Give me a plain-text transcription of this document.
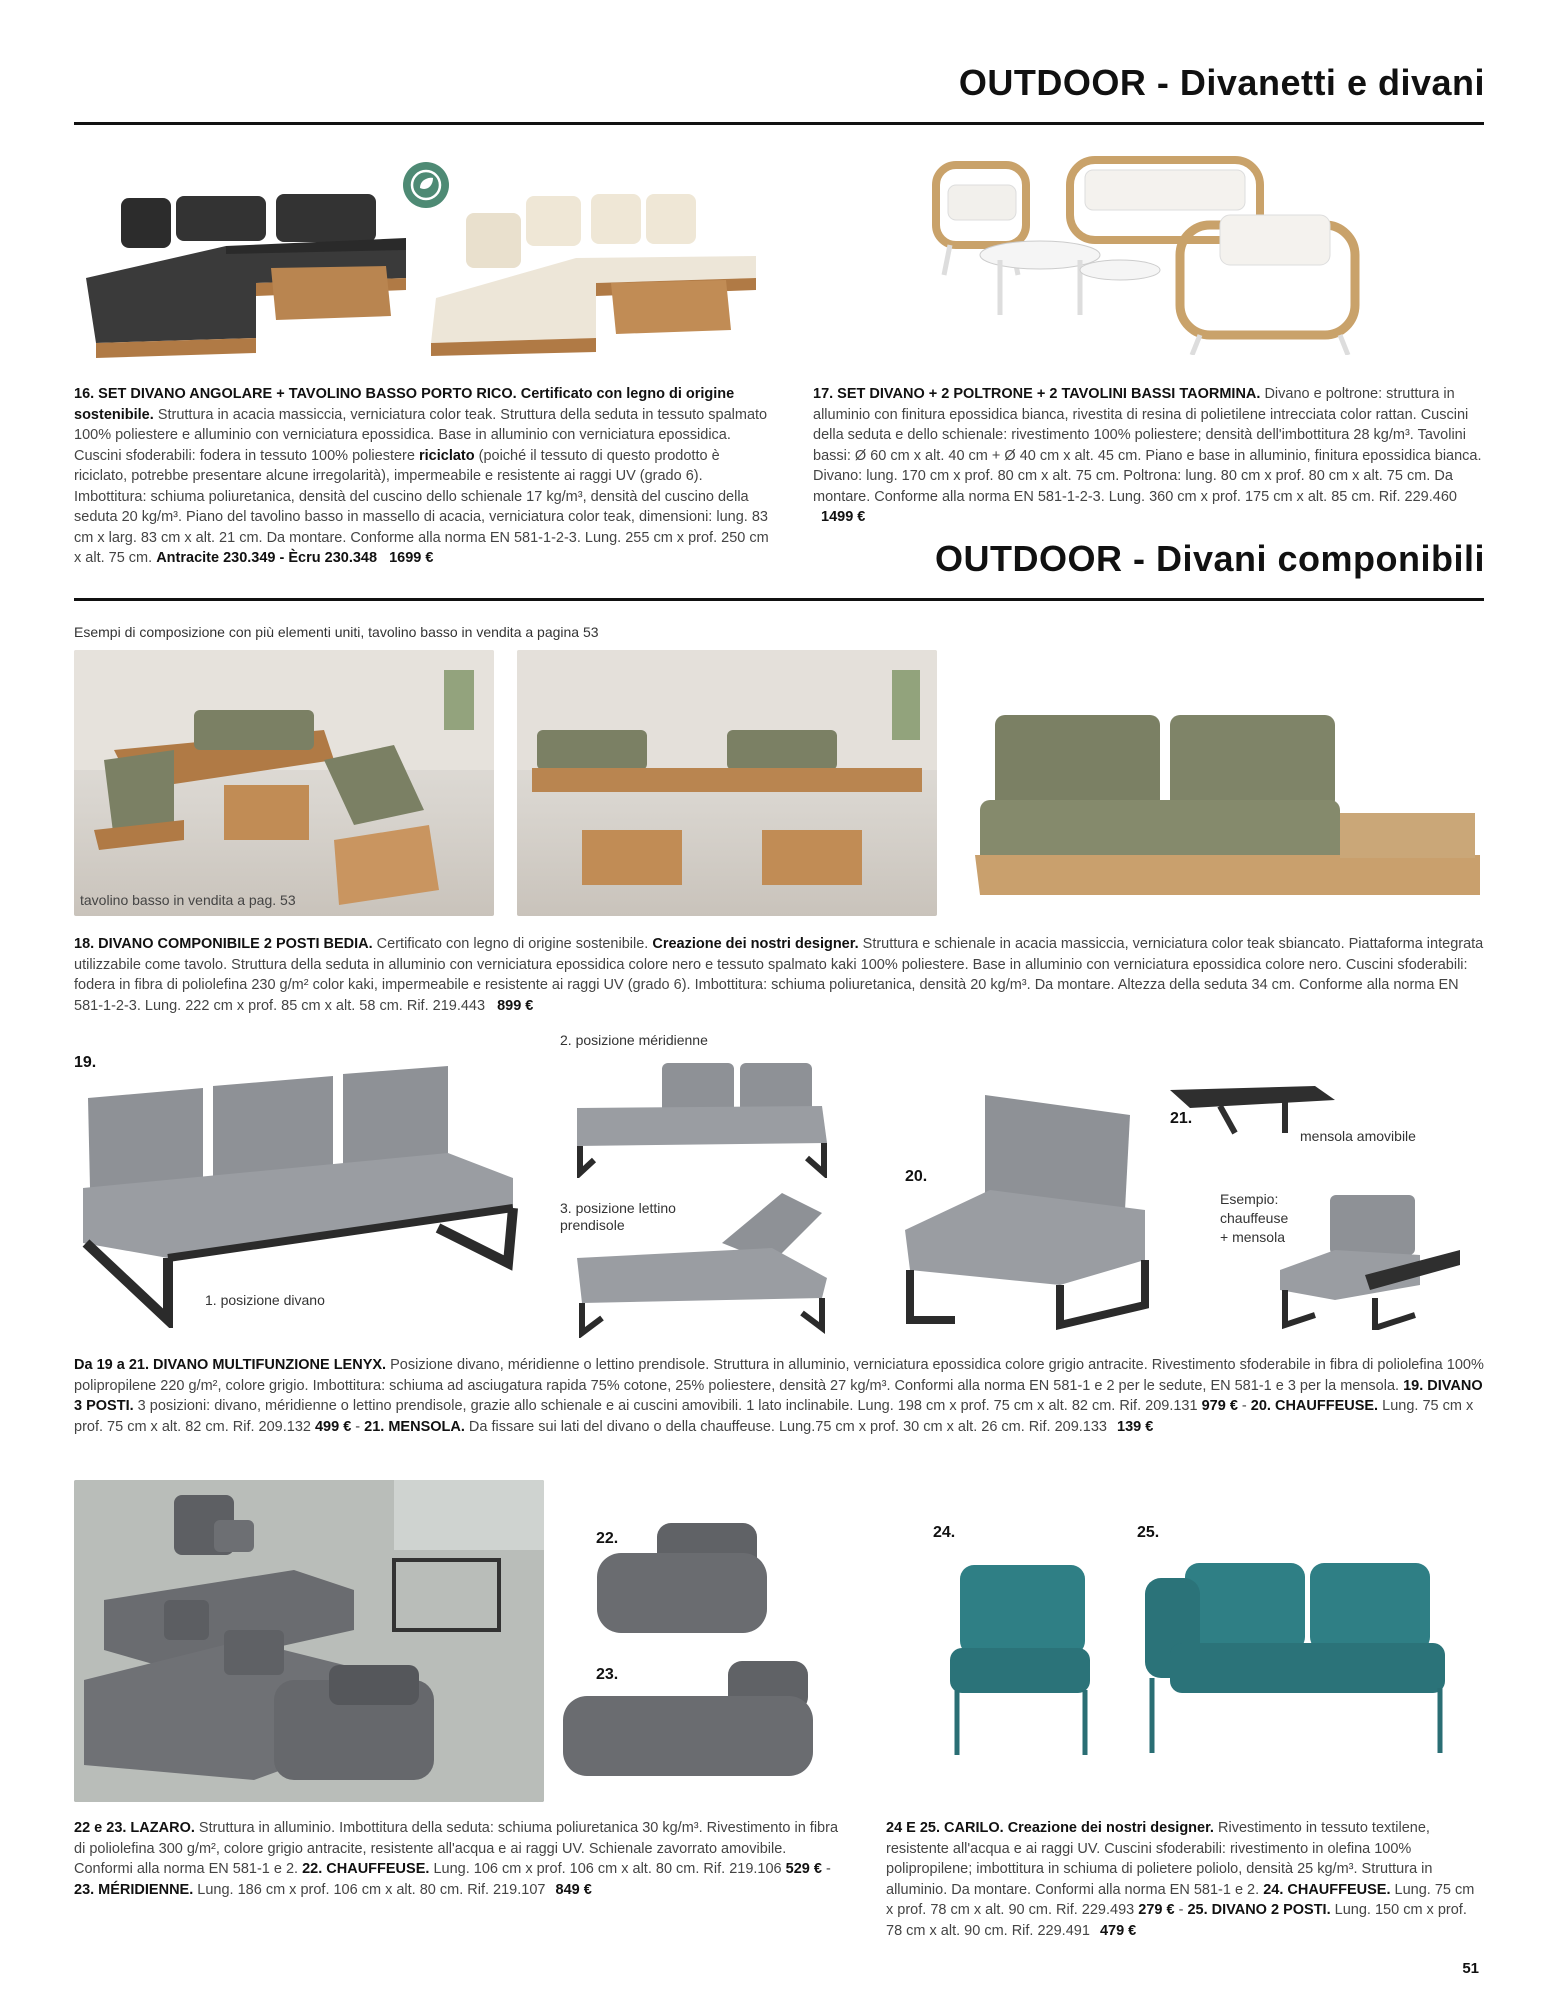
OUTDOOR - Divanetti e divani
16. SET DIVANO ANGOLARE + TAVOLINO BASSO PORTO RICO. Certificato con legno di origine sostenibile. Struttura in acacia massiccia, verniciatura color teak. Struttura della seduta in tessuto spalmato 100% poliestere e alluminio con verniciatura epossidica. Base in alluminio con verniciatura epossidica. Cuscini sfoderabili: fodera in tessuto 100% poliestere riciclato (poiché il tessuto di questo prodotto è riciclato, potrebbe presentare alcune irregolarità), impermeabile e resistente ai raggi UV (grado 6). Imbottitura: schiuma poliuretanica, densità del cuscino dello schienale 17 kg/m³, densità del cuscino della seduta 20 kg/m³. Piano del tavolino basso in massello di acacia, verniciatura color teak, dimensioni: lung. 83 cm x larg. 83 cm x alt. 21 cm. Da montare. Conforme alla norma EN 581-1-2-3. Lung. 255 cm x prof. 250 cm x alt. 75 cm. Antracite 230.349 - Ècru 230.348 1699 €
17. SET DIVANO + 2 POLTRONE + 2 TAVOLINI BASSI TAORMINA. Divano e poltrone: struttura in alluminio con finitura epossidica bianca, rivestita di resina di polietilene intrecciata color rattan. Cuscini della seduta e dello schienale: rivestimento 100% poliestere; densità dell'imbottitura 28 kg/m³. Tavolini bassi: Ø 60 cm x alt. 40 cm + Ø 40 cm x alt. 45 cm. Piano e base in alluminio, finitura epossidica bianca. Divano: lung. 170 cm x prof. 80 cm x alt. 75 cm. Poltrona: lung. 80 cm x prof. 80 cm x alt. 75 cm. Da montare. Conforme alla norma EN 581-1-2-3. Lung. 360 cm x prof. 175 cm x alt. 85 cm. Rif. 229.460 1499 €
OUTDOOR - Divani componibili
Esempi di composizione con più elementi uniti, tavolino basso in vendita a pagina 53
tavolino basso in vendita a pag. 53
18. DIVANO COMPONIBILE 2 POSTI BEDIA. Certificato con legno di origine sostenibile. Creazione dei nostri designer. Struttura e schienale in acacia massiccia, verniciatura color teak sbiancato. Piattaforma integrata utilizzabile come tavolo. Struttura della seduta in alluminio con verniciatura epossidica colore nero e tessuto spalmato kaki 100% poliestere. Base in alluminio con verniciatura epossidica colore nero. Cuscini sfoderabili: fodera in fibra di poliolefina 230 g/m² color kaki, impermeabile e resistente ai raggi UV (grado 6). Imbottitura: schiuma poliuretanica, densità 20 kg/m³. Da montare. Altezza della seduta 34 cm. Conforme alla norma EN 581-1-2-3. Lung. 222 cm x prof. 85 cm x alt. 58 cm. Rif. 219.443 899 €
19.
1. posizione divano
2. posizione méridienne
3. posizione lettino prendisole
20.
21.
mensola amovibile
Esempio: chauffeuse + mensola
Da 19 a 21. DIVANO MULTIFUNZIONE LENYX. Posizione divano, méridienne o lettino prendisole. Struttura in alluminio, verniciatura epossidica colore grigio antracite. Rivestimento sfoderabile in fibra di poliolefina 100% polipropilene 220 g/m², colore grigio. Imbottitura: schiuma ad asciugatura rapida 75% cotone, 25% poliestere, densità 27 kg/m³. Conformi alla norma EN 581-1 e 2 per le sedute, EN 581-1 e 3 per la mensola. 19. DIVANO 3 POSTI. 3 posizioni: divano, méridienne o lettino prendisole, grazie allo schienale e ai cuscini amovibili. 1 lato inclinabile. Lung. 198 cm x prof. 75 cm x alt. 82 cm. Rif. 209.131 979 € - 20. CHAUFFEUSE. Lung. 75 cm x prof. 75 cm x alt. 82 cm. Rif. 209.132 499 € - 21. MENSOLA. Da fissare sui lati del divano o della chauffeuse. Lung.75 cm x prof. 30 cm x alt. 26 cm. Rif. 209.133 139 €
22.
23.
24.	25.
22 e 23. LAZARO. Struttura in alluminio. Imbottitura della seduta: schiuma poliuretanica 30 kg/m³. Rivestimento in fibra di poliolefina 300 g/m², colore grigio antracite, resistente all'acqua e ai raggi UV. Schienale zavorrato amovibile. Conformi alla norma EN 581-1 e 2. 22. CHAUFFEUSE. Lung. 106 cm x prof. 106 cm x alt. 80 cm. Rif. 219.106 529 € - 23. MÉRIDIENNE. Lung. 186 cm x prof. 106 cm x alt. 80 cm. Rif. 219.107 849 €
24 E 25. CARILO. Creazione dei nostri designer. Rivestimento in tessuto textilene, resistente all'acqua e ai raggi UV. Cuscini sfoderabili: rivestimento in olefina 100% polipropilene; imbottitura in schiuma di polietere poliolo, densità 25 kg/m³. Struttura in alluminio. Da montare. Conformi alla norma EN 581-1 e 2. 24. CHAUFFEUSE. Lung. 75 cm x prof. 78 cm x alt. 90 cm. Rif. 229.493 279 € - 25. DIVANO 2 POSTI. Lung. 150 cm x prof. 78 cm x alt. 90 cm. Rif. 229.491 479 €
51
